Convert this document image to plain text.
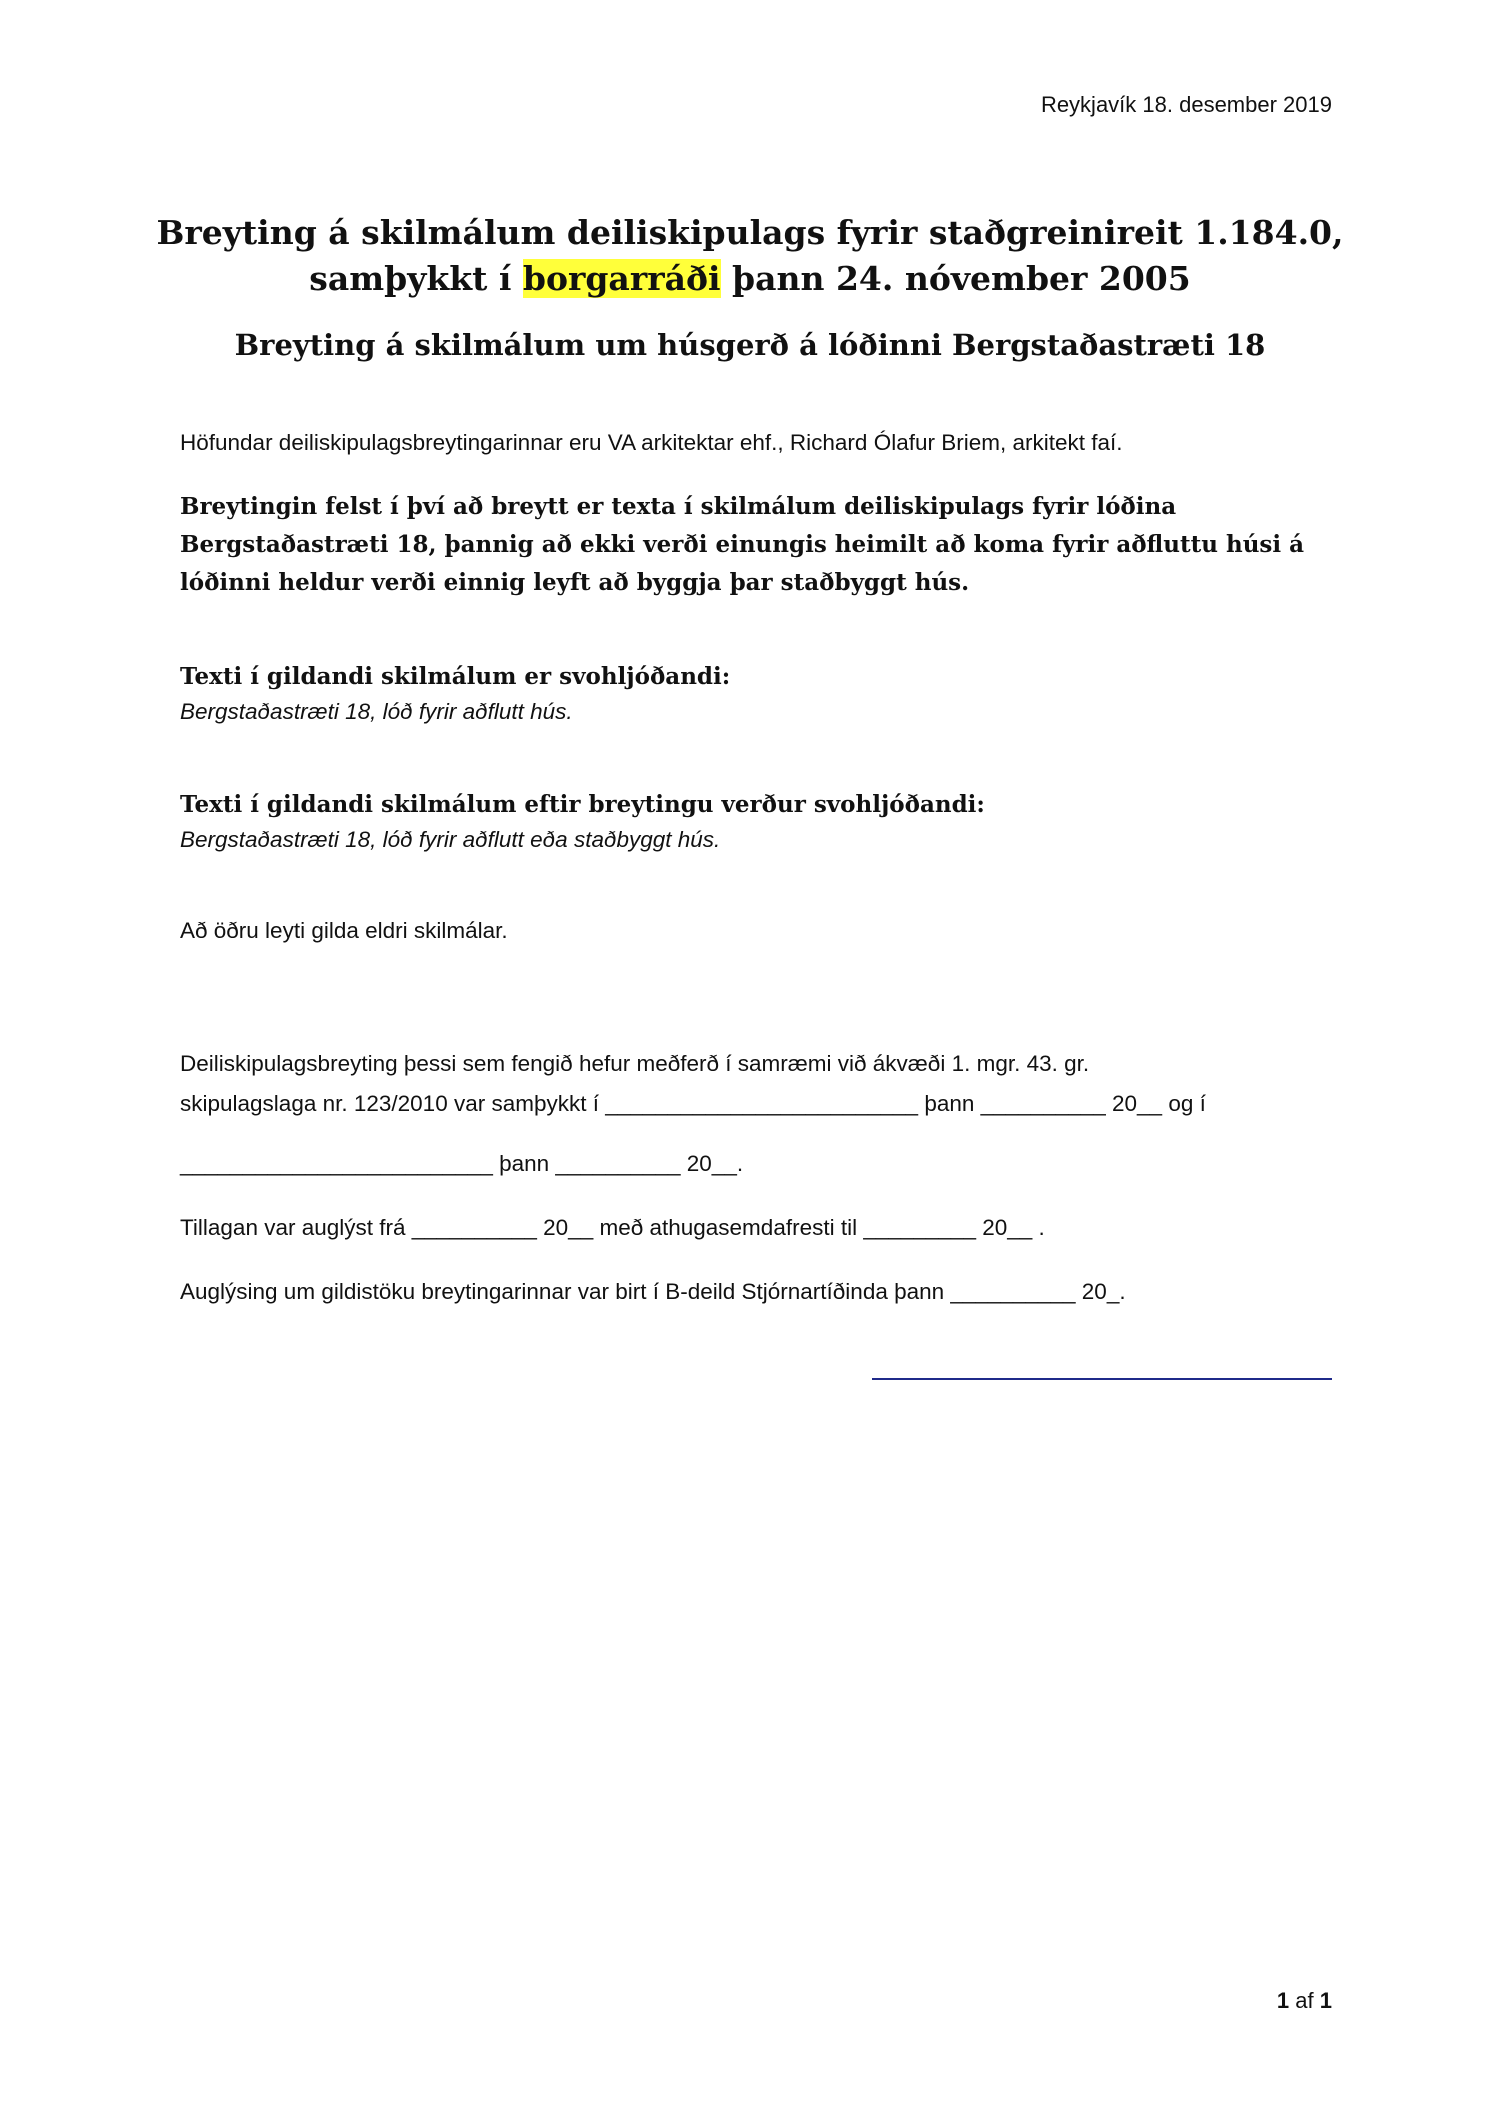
Reykjavík 18. desember 2019

Breyting á skilmálum deiliskipulags fyrir staðgreinireit 1.184.0,

samþykkt í borgarráði þann 24. nóvember 2005

Breyting á skilmálum um húsgerð á lóðinni Bergstaðastræti 18

Höfundar deiliskipulagsbreytingarinnar eru VA arkitektar ehf., Richard Ólafur Briem, arkitekt faí.

Breytingin felst í því að breytt er texta í skilmálum deiliskipulags fyrir lóðina
Bergstaðastræti 18, þannig að ekki verði einungis heimilt að koma fyrir aðfluttu húsi á
lóðinni heldur verði einnig leyft að byggja þar staðbyggt hús.
Texti í gildandi skilmálum er svohljóðandi:
Bergstaðastræti 18, lóð fyrir aðflutt hús.
Texti í gildandi skilmálum eftir breytingu verður svohljóðandi:
Bergstaðastræti 18, lóð fyrir aðflutt eða staðbyggt hús.

Að öðru leyti gilda eldri skilmálar.

Deiliskipulagsbreyting þessi sem fengið hefur meðferð í samræmi við ákvæði 1. mgr. 43. gr.
skipulagslaga nr. 123/2010 var samþykkt í _________________________ þann __________ 20__ og í
_________________________ þann __________ 20__.
Tillagan var auglýst frá __________ 20__ með athugasemdafresti til _________ 20__ .
Auglýsing um gildistöku breytingarinnar var birt í B-deild Stjórnartíðinda þann __________ 20_.
1 af 1
